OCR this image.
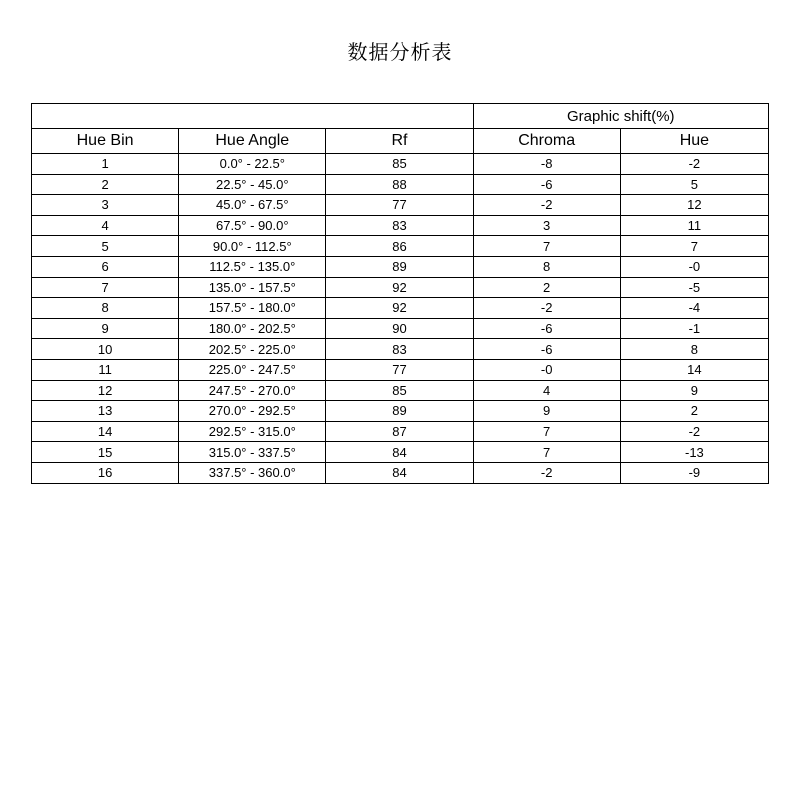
数据分析表
			Graphic shift(%)	
Hue Bin	Hue Angle	Rf	Chroma	Hue
1	0.0° - 22.5°	85	-8	-2
2	22.5° - 45.0°	88	-6	5
3	45.0° - 67.5°	77	-2	12
4	67.5° - 90.0°	83	3	11
5	90.0° - 112.5°	86	7	7
6	112.5° - 135.0°	89	8	-0
7	135.0° - 157.5°	92	2	-5
8	157.5° - 180.0°	92	-2	-4
9	180.0° - 202.5°	90	-6	-1
10	202.5° - 225.0°	83	-6	8
11	225.0° - 247.5°	77	-0	14
12	247.5° - 270.0°	85	4	9
13	270.0° - 292.5°	89	9	2
14	292.5° - 315.0°	87	7	-2
15	315.0° - 337.5°	84	7	-13
16	337.5° - 360.0°	84	-2	-9
